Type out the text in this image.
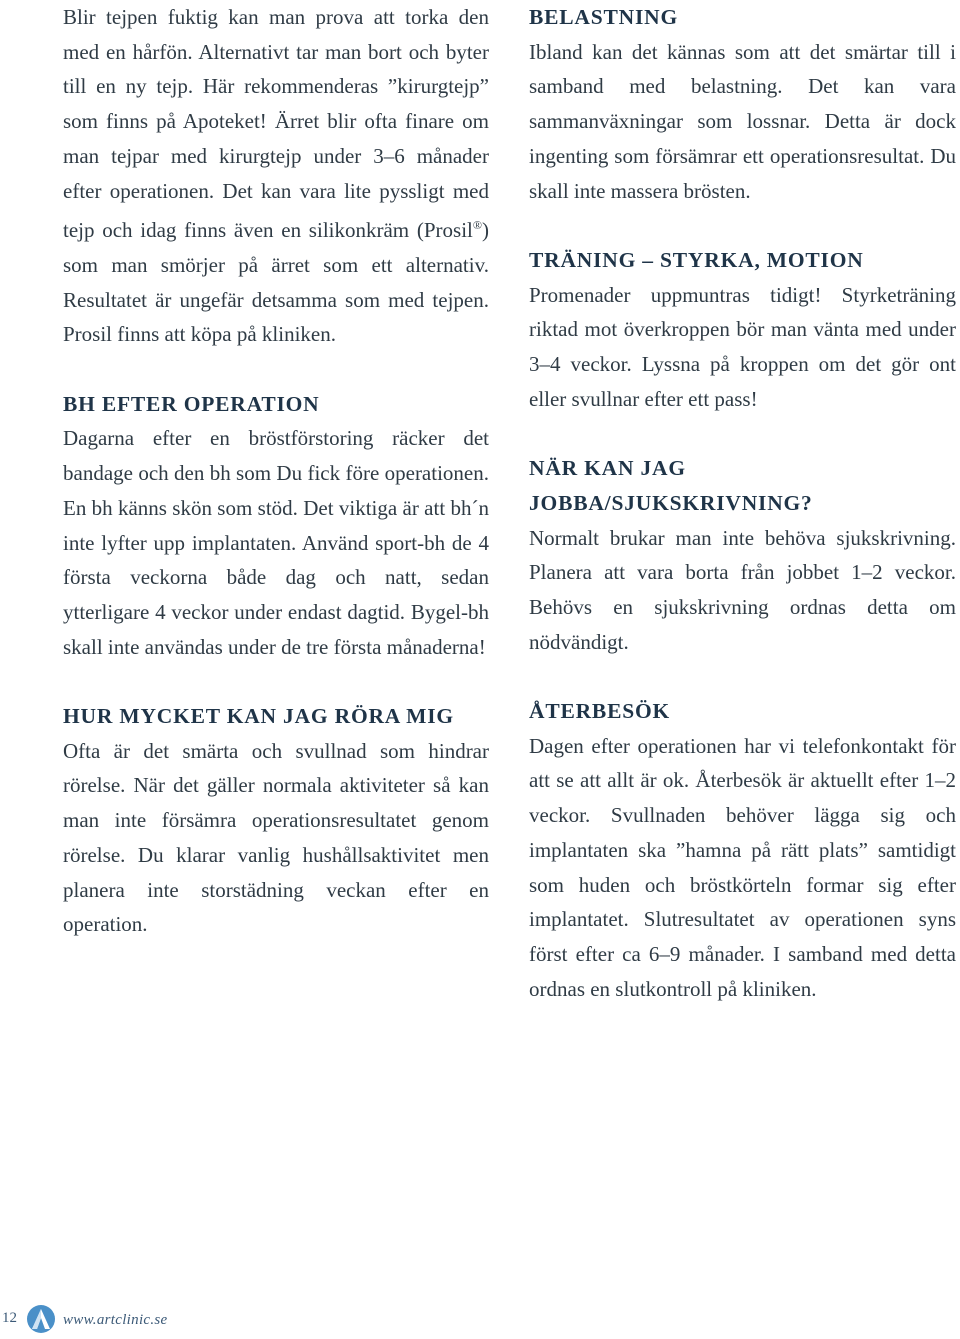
Blir tejpen fuktig kan man prova att torka den med en hårfön. Alternativt tar man bort och byter till en ny tejp. Här rekommenderas ”kirurgtejp” som finns på Apoteket! Ärret blir ofta finare om man tejpar med kirurgtejp under 3–6 månader efter operationen. Det kan vara lite pyssligt med tejp och idag finns även en silikonkräm (Prosil®) som man smörjer på ärret som ett alternativ. Resultatet är ungefär detsamma som med tejpen. Prosil finns att köpa på kliniken.

BH EFTER OPERATION

Dagarna efter en bröstförstoring räcker det bandage och den bh som Du fick före operationen. En bh känns skön som stöd. Det viktiga är att bh´n inte lyfter upp implantaten. Använd sport-bh de 4 första veckorna både dag och natt, sedan ytterligare 4 veckor under endast dagtid. Bygel-bh skall inte användas under de tre första månaderna!

HUR MYCKET KAN JAG RÖRA MIG

Ofta är det smärta och svullnad som hindrar rörelse. När det gäller normala aktiviteter så kan man inte försämra operationsresultatet genom rörelse. Du klarar vanlig hushållsaktivitet men planera inte storstädning veckan efter en operation.

BELASTNING

Ibland kan det kännas som att det smärtar till i samband med belastning. Det kan vara sammanväxningar som lossnar. Detta är dock ingenting som försämrar ett operationsresultat. Du skall inte massera brösten.

TRÄNING – STYRKA, MOTION

Promenader uppmuntras tidigt! Styrketräning riktad mot överkroppen bör man vänta med under 3–4 veckor. Lyssna på kroppen om det gör ont eller svullnar efter ett pass!

NÄR KAN JAG
JOBBA/SJUKSKRIVNING?

Normalt brukar man inte behöva sjukskrivning. Planera att vara borta från jobbet 1–2 veckor. Behövs en sjukskrivning ordnas detta om nödvändigt.

ÅTERBESÖK

Dagen efter operationen har vi telefonkontakt för att se att allt är ok. Återbesök är aktuellt efter 1–2 veckor. Svullnaden behöver lägga sig och implantaten ska ”hamna på rätt plats” samtidigt som huden och bröstkörteln formar sig efter implantatet. Slutresultatet av operationen syns först efter ca 6–9 månader. I samband med detta ordnas en slutkontroll på kliniken.

12	www.artclinic.se
